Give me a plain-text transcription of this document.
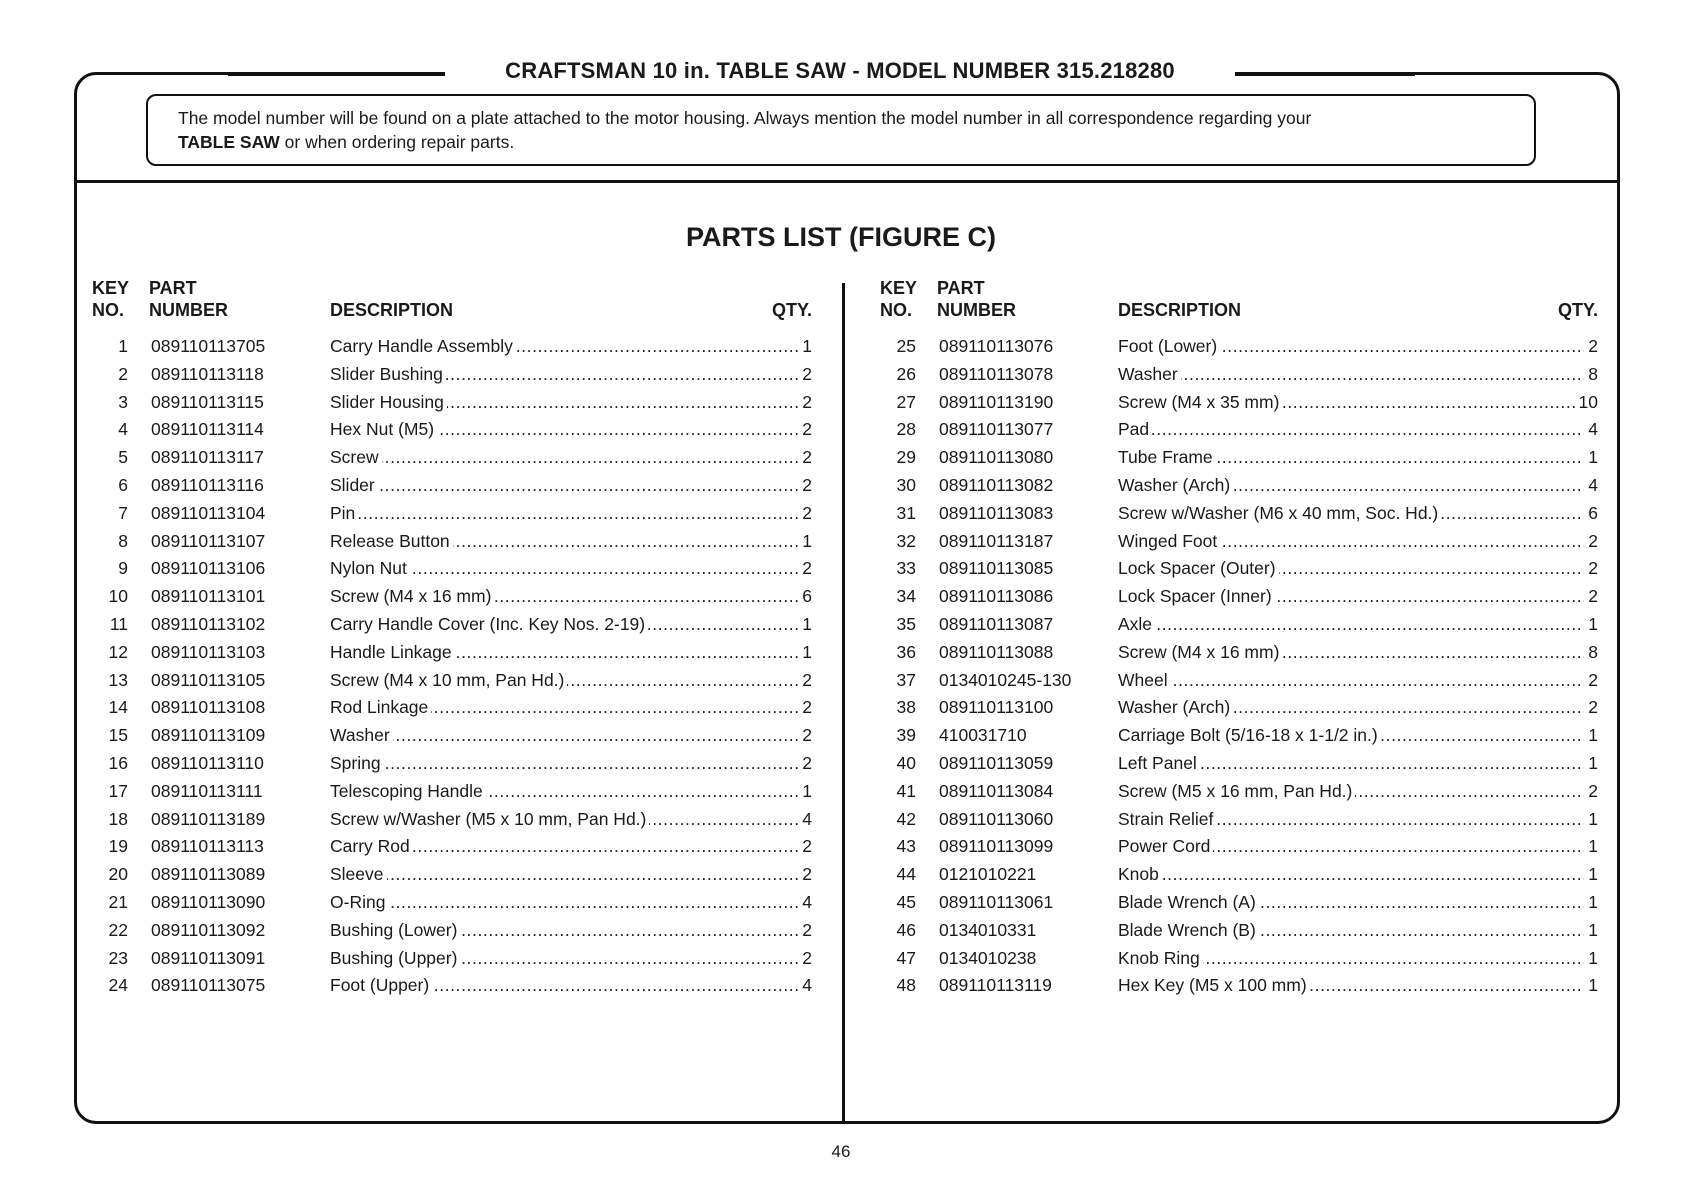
CRAFTSMAN 10 in. TABLE SAW - MODEL NUMBER 315.218280
The model number will be found on a plate attached to the motor housing. Always mention the model number in all correspondence regarding your
TABLE SAW or when ordering repair parts.
PARTS LIST (FIGURE C)
KEY
NO.
PART
NUMBER	DESCRIPTION	QTY.
1 089110113705	Carry Handle Assembly .....	1
2 089110113118	Slider Bushing .....	2
3 089110113115	Slider Housing .....	2
4 089110113114	Hex Nut (M5) .....	2
5 089110113117	Screw .....	2
6 089110113116	Slider .....	2
7 089110113104	Pin .....	2
8 089110113107	Release Button .....	1
9 089110113106	Nylon Nut .....	2
10 089110113101	Screw (M4 x 16 mm) .....	6
11 089110113102	Carry Handle Cover (Inc. Key Nos. 2-19) .....	1
12 089110113103	Handle Linkage .....	1
13 089110113105	Screw (M4 x 10 mm, Pan Hd.) .....	2
14 089110113108	Rod Linkage .....	2
15 089110113109	Washer .....	2
16 089110113110	Spring .....	2
17 089110113111	Telescoping Handle .....	1
18 089110113189	Screw w/Washer (M5 x 10 mm, Pan Hd.) .....	4
19 089110113113	Carry Rod .....	2
20 089110113089	Sleeve .....	2
21 089110113090	O-Ring .....	4
22 089110113092	Bushing (Lower) .....	2
23 089110113091	Bushing (Upper) .....	2
24 089110113075	Foot (Upper) .....	4
KEY
NO.
PART
NUMBER	DESCRIPTION	QTY.
25 089110113076	Foot (Lower) .....	2
26 089110113078	Washer .....	8
27 089110113190	Screw (M4 x 35 mm) .....	10
28 089110113077	Pad .....	4
29 089110113080	Tube Frame .....	1
30 089110113082	Washer (Arch) .....	4
31 089110113083	Screw w/Washer (M6 x 40 mm, Soc. Hd.) .....	6
32 089110113187	Winged Foot .....	2
33 089110113085	Lock Spacer (Outer) .....	2
34 089110113086	Lock Spacer (Inner) .....	2
35 089110113087	Axle .....	1
36 089110113088	Screw (M4 x 16 mm) .....	8
37 0134010245-130	Wheel .....	2
38 089110113100	Washer (Arch) .....	2
39 410031710	Carriage Bolt (5/16-18 x 1-1/2 in.) .....	1
40 089110113059	Left Panel .....	1
41 089110113084	Screw (M5 x 16 mm, Pan Hd.) .....	2
42 089110113060	Strain Relief .....	1
43 089110113099	Power Cord .....	1
44 0121010221	Knob .....	1
45 089110113061	Blade Wrench (A) .....	1
46 0134010331	Blade Wrench (B) .....	1
47 0134010238	Knob Ring .....	1
48 089110113119	Hex Key (M5 x 100 mm) .....	1
46
